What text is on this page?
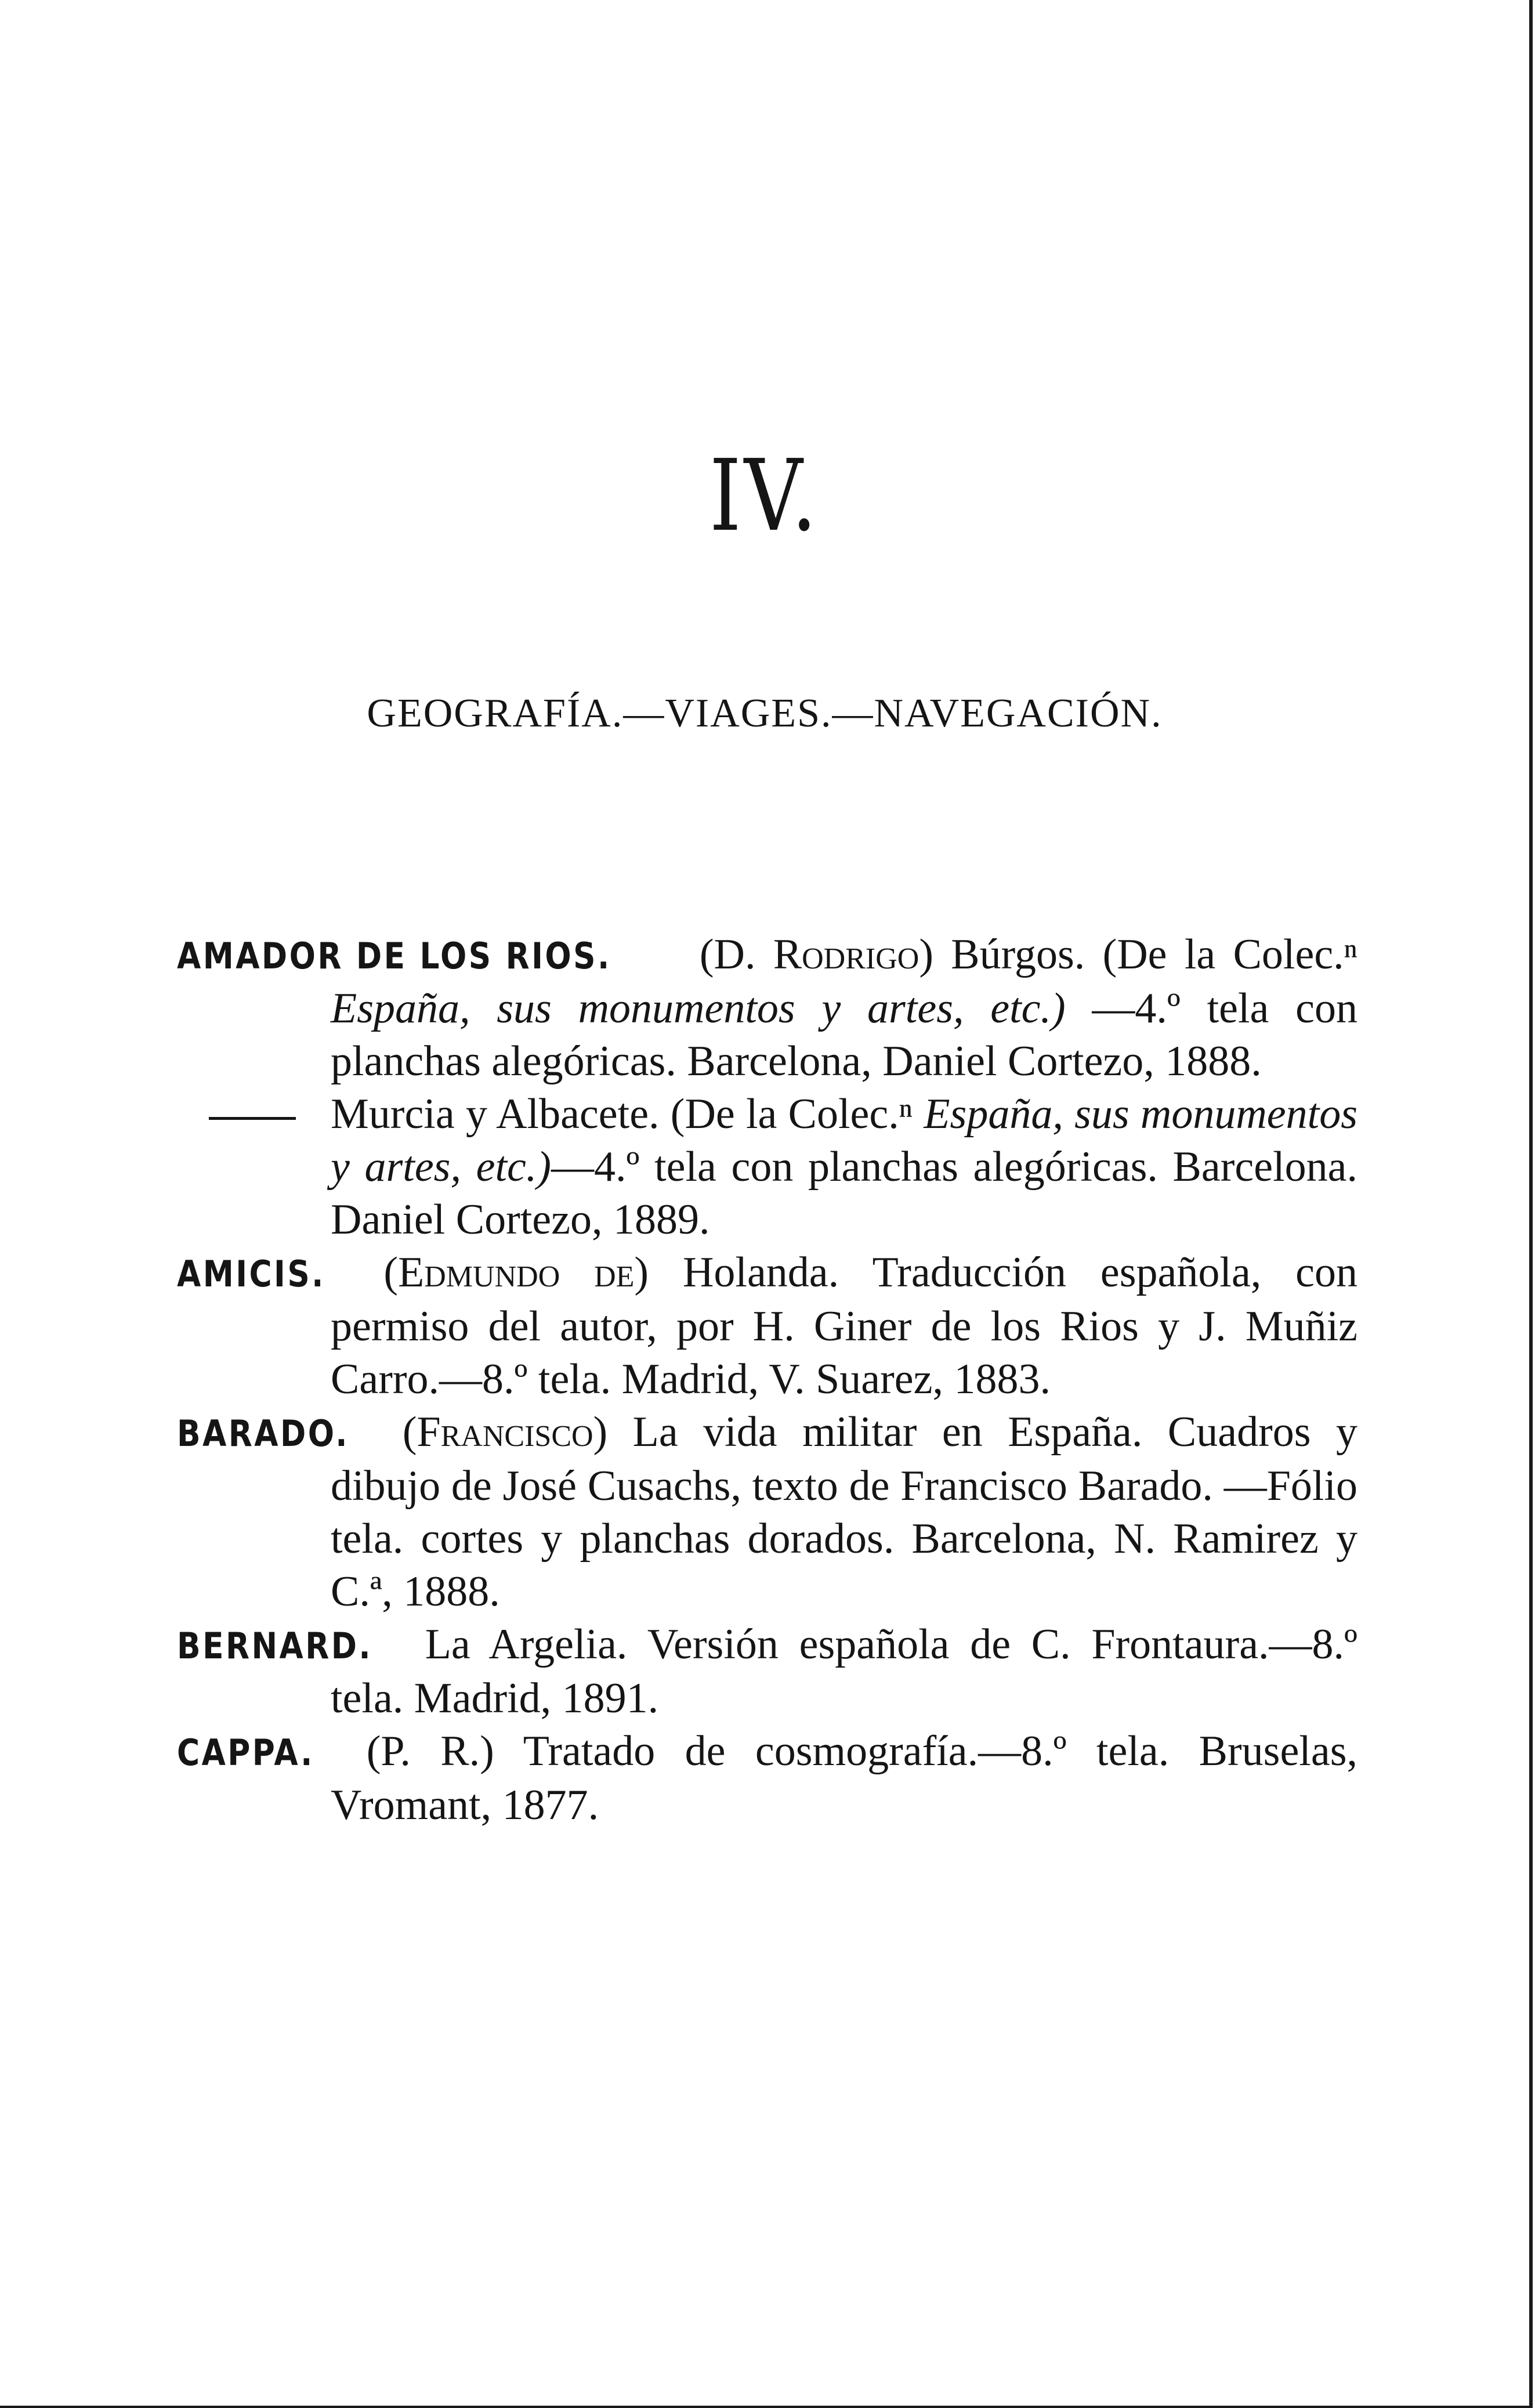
IV.
GEOGRAFÍA.—VIAGES.—NAVEGACIÓN.

AMADOR DE LOS RIOS. (D. Rodrigo) Búrgos. (De la Colec.ⁿ España, sus monumentos y artes, etc.) —4.º tela con planchas alegóricas. Barcelona, Daniel Cortezo, 1888.

Murcia y Albacete. (De la Colec.ⁿ España, sus monumentos y artes, etc.)—4.º tela con planchas alegóricas. Barcelona. Daniel Cortezo, 1889.

AMICIS. (Edmundo de) Holanda. Traducción española, con permiso del autor, por H. Giner de los Rios y J. Muñiz Carro.—8.º tela. Madrid, V. Suarez, 1883.

BARADO. (Francisco) La vida militar en España. Cuadros y dibujo de José Cusachs, texto de Francisco Barado. —Fólio tela. cortes y planchas dorados. Barcelona, N. Ramirez y C.ª, 1888.

BERNARD. La Argelia. Versión española de C. Frontaura.—8.º tela. Madrid, 1891.

CAPPA. (P. R.) Tratado de cosmografía.—8.º tela. Bruselas, Vromant, 1877.
